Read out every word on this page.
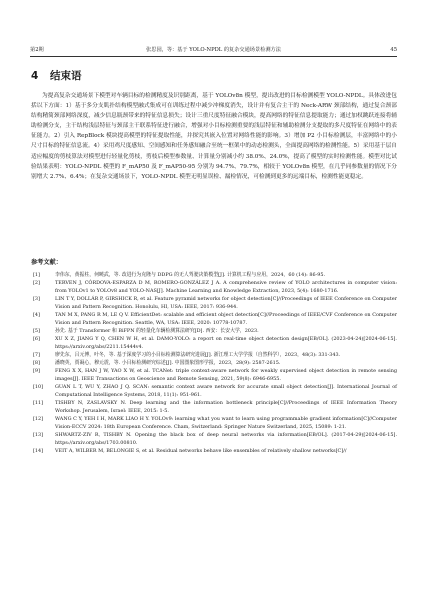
第2期	张思园，等：基于 YOLO-NPDL 的复杂交通场景检测方法	45
4 结束语
为提高复杂交通场景下模型对车辆目标的检测精度及识别距离，基于 YOLOv8n 模型，提出改进的目标检测模型 YOLO-NPDL。具体改进包括以下方面：1）基于多分支肌扑结构模型融式集成可在训练过程中减少冲梯度消失，设计并有复合主干的 Neck-ARW 颈部结构，通过复合颈部结构精简颈部网络深度，减少信息瓶颈带来的特征信息损失；设计三重尺度特征融合模块，提高网络的特征信息提取能力；通过加权跳跃连接将辅助检测分支，主干结构浅层特征与颈部主干联系特征进行融合，增强对小目标检测重要的浅层特征和辅助检测分支提取的多尺度特征在网络中的表征能力。2）引入 RepBlock 模块提高模型的特征提取性能，并探究其嵌入位置对网络性能的影响。3）增加 P2 小目标检测层，丰富网络中的小尺寸目标的特征信息流。4）采用鸡尺度感知、空间感知和任务感知融合至统一框架中的动态检测头，全面提高网络的检测性能。5）采用基于层自适应幅度的剪枝算法对模型进行轻量化剪枝，剪枝后模型参数量、计算量分别减小约 38.0%、24.0%，提高了模型的实时检测性能。模型对比试验结果表明：YOLO-NPDL 模型的 F_mAP50 及 F_mAP50-95 分别为 94.7%、79.7%，相较于 YOLOv8n 模型，在几乎同参数量的情况下分别增大 2.7%、6.4%；在复杂交通场景下，YOLO-NPDL 模型无明显误检、漏检情况，可检测到更多的远端目标，检测性能更稳定。
参考文献：
[1]	李伟东，黄振柱，何曉武，等. 改进行为克隆与 DDPG 的无人驾驶决策模型[J]. 计算机工程与应用，2024，60 (14): 86-95.
[2]	TERVEN J, CÓRDOVA-ESPARZA D M, ROMERO-GONZÁLEZ J A. A comprehensive review of YOLO architectures in computer vision: from YOLOv1 to YOLOv8 and YOLO-NAS[J]. Machine Learning and Knowledge Extraction, 2023, 5(4): 1680-1716.
[3]	LIN T Y, DOLLÁR P, GIRSHICK R, et al. Feature pyramid networks for object detection[C]//Proceedings of IEEE Conference on Computer Vision and Pattern Recognition. Honolulu, HI, USA: IEEE, 2017: 936-944.
[4]	TAN M X, PANG R M, LE Q V. EfficientDet: scalable and efficient object detection[C]//Proceedings of IEEE/CVF Conference on Computer Vision and Pattern Recognition. Seattle, WA, USA: IEEE, 2020: 10778-10787.
[5]	孙先. 基于 Transformer 和 BiFPN 的轻量化车辆检测算法研究[D]. 西安：长安大学，2023.
[6]	XU X Z, JIANG Y Q, CHEN W H, et al. DAMO-YOLO: a report on real-time object detection design[EB/OL]. (2023-04-24)[2024-06-15]. https://arxiv.org/abs/2211.15444v4.
[7]	廖先东，吕元博，叶冬，等. 基于深度学习的小目标检测算法研究进展[J]. 浙江理工大学学报（自然科学），2023，48(3): 331-343.
[8]	潘晓英，贾凝心，穆元震，等. 小目标检测研究综述[J]. 中国图象图形学报，2023，28(9): 2587-2615.
[9]	FENG X X, HAN J W, YAO X W, et al. TCANet: triple context-aware network for weakly supervised object detection in remote sensing images[J]. IEEE Transactions on Geoscience and Remote Sensing, 2021, 59(8): 6946-6955.
[10] GUAN L T, WU Y, ZHAO J Q. SCAN: semantic context aware network for accurate small object detection[J]. International Journal of Computational Intelligence Systems, 2018, 11(1): 951-961.
[11] TISHBY N, ZASLAVSKY N. Deep learning and the information bottleneck principle[C]//Proceedings of IEEE Information Theory Workshop. Jerusalem, Israel: IEEE, 2015: 1-5.
[12] WANG C Y, YEH I H, MARK LIAO H Y. YOLOv9: learning what you want to learn using programmable gradient information[C]//Computer Vision-ECCV 2024: 18th European Conference. Cham, Switzerland: Springer Nature Switzerland, 2025, 15089: 1-21.
[13] SHWARTZ-ZIV R, TISHBY N. Opening the black box of deep neural networks via information[EB/OL]. (2017-04-29)[2024-06-15]. https://arxiv.org/abs/1703.00810.
[14] VEIT A, WILBER M, BELONGIE S, et al. Residual networks behave like ensembles of relatively shallow networks[C]//
